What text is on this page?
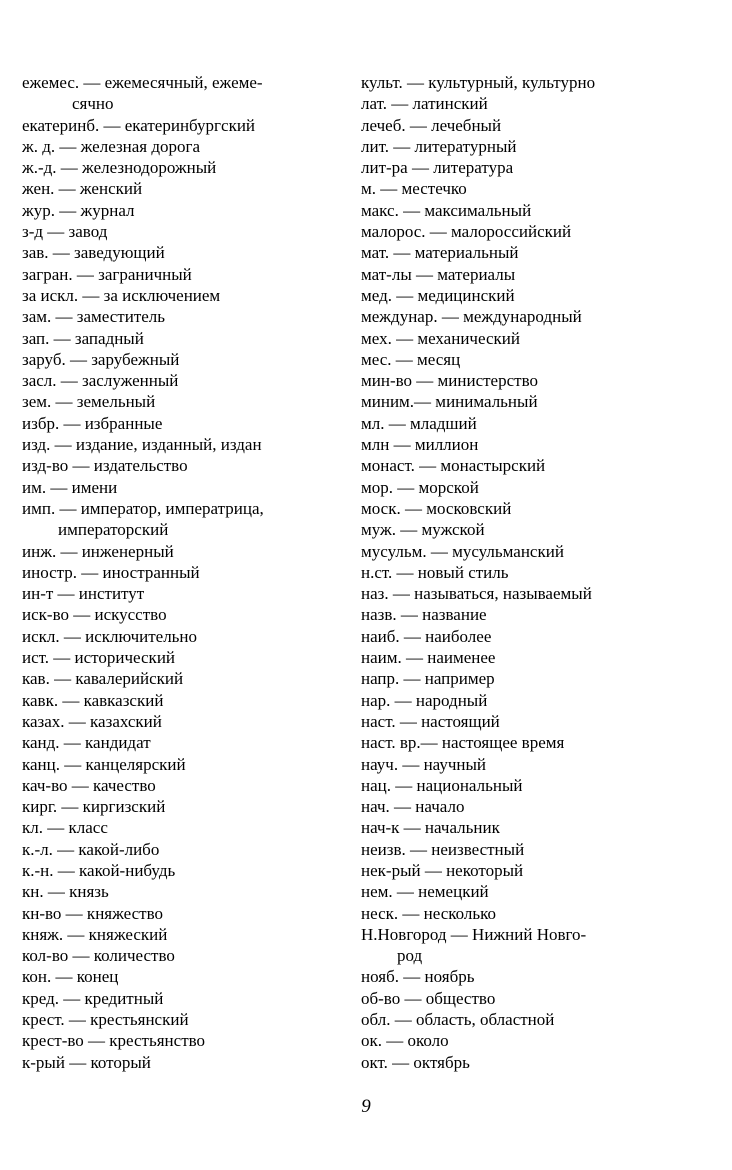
ежемес. — ежемесячный, ежеме-
сячно
екатеринб. — екатеринбургский
ж. д. — железная дорога
ж.-д. — железнодорожный
жен. — женский
жур. — журнал
з-д — завод
зав. — заведующий
загран. — заграничный
за искл. — за исключением
зам. — заместитель
зап. — западный
заруб. — зарубежный
засл. — заслуженный
зем. — земельный
избр. — избранные
изд. — издание, изданный, издан
изд-во — издательство
им. — имени
имп. — император, императрица,
императорский
инж. — инженерный
иностр. — иностранный
ин-т — институт
иск-во — искусство
искл. — исключительно
ист. — исторический
кав. — кавалерийский
кавк. — кавказский
казах. — казахский
канд. — кандидат
канц. — канцелярский
кач-во — качество
кирг. — киргизский
кл. — класс
к.-л. — какой-либо
к.-н. — какой-нибудь
кн. — князь
кн-во — княжество
княж. — княжеский
кол-во — количество
кон. — конец
кред. — кредитный
крест. — крестьянский
крест-во — крестьянство
к-рый — который
культ. — культурный, культурно
лат. — латинский
лечеб. — лечебный
лит. — литературный
лит-ра — литература
м. — местечко
макс. — максимальный
малорос. — малороссийский
мат. — материальный
мат-лы — материалы
мед. — медицинский
междунар. — международный
мех. — механический
мес. — месяц
мин-во — министерство
миним.— минимальный
мл. — младший
млн — миллион
монаст. — монастырский
мор. — морской
моск. — московский
муж. — мужской
мусульм. — мусульманский
н.ст. — новый стиль
наз. — называться, называемый
назв. — название
наиб. — наиболее
наим. — наименее
напр. — например
нар. — народный
наст. — настоящий
наст. вр.— настоящее время
науч. — научный
нац. — национальный
нач. — начало
нач-к — начальник
неизв. — неизвестный
нек-рый — некоторый
нем. — немецкий
неск. — несколько
Н.Новгород — Нижний Новго-
род
нояб. — ноябрь
об-во — общество
обл. — область, областной
ок. — около
окт. — октябрь
9
